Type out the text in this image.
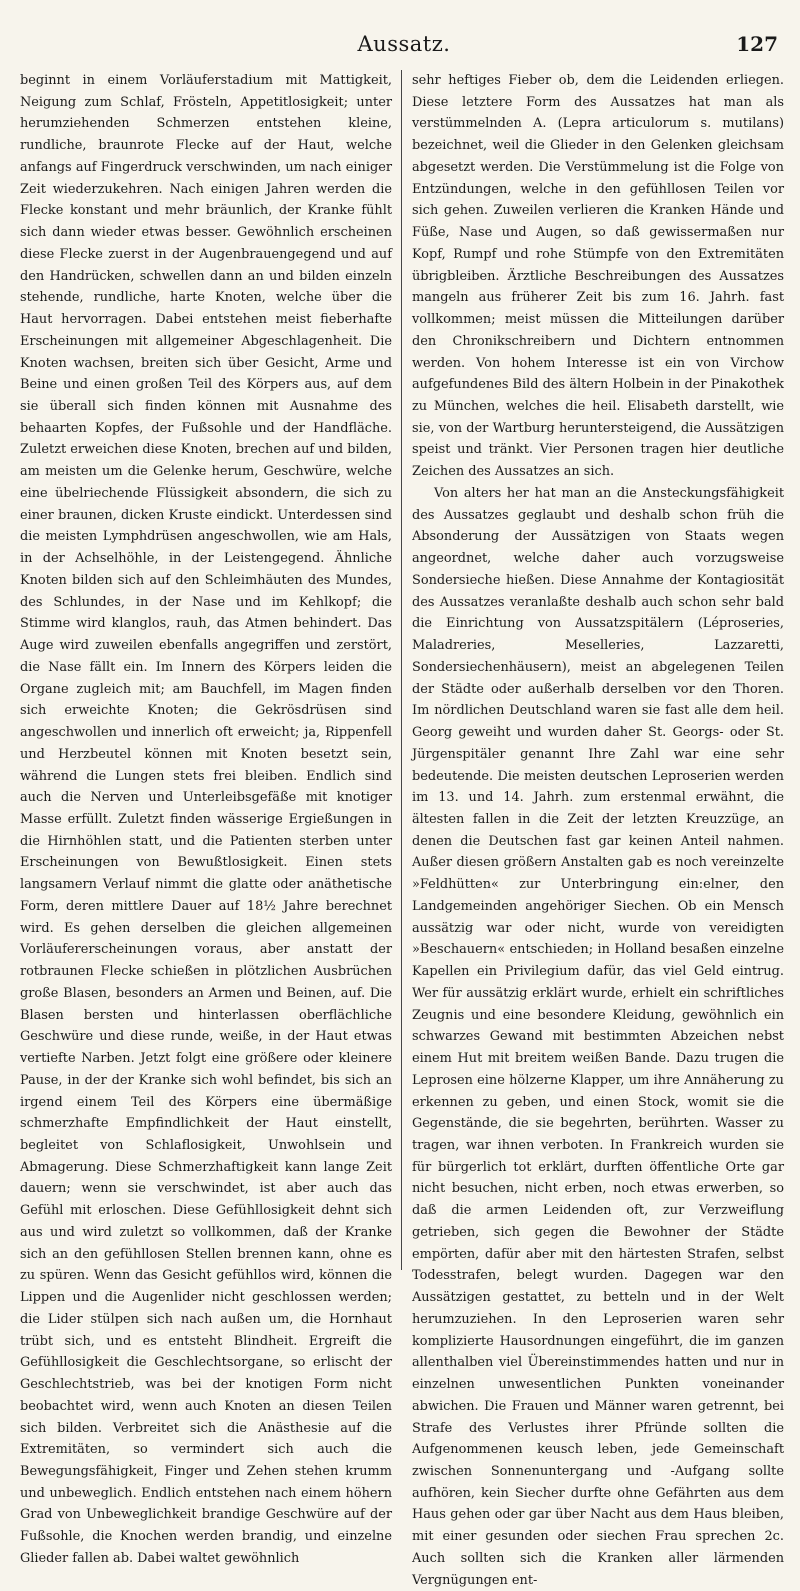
Aussatz.	127

beginnt in einem Vorläuferstadium mit Mattigkeit, Neigung zum Schlaf, Frösteln, Appetitlosigkeit; unter herumziehenden Schmerzen entstehen kleine, rundliche, braunrote Flecke auf der Haut, welche anfangs auf Fingerdruck verschwinden, um nach einiger Zeit wiederzukehren. Nach einigen Jahren werden die Flecke konstant und mehr bräunlich, der Kranke fühlt sich dann wieder etwas besser. Gewöhnlich erscheinen diese Flecke zuerst in der Augenbrauengegend und auf den Handrücken, schwellen dann an und bilden einzeln stehende, rundliche, harte Knoten, welche über die Haut hervorragen. Dabei entstehen meist fieberhafte Erscheinungen mit allgemeiner Abgeschlagenheit. Die Knoten wachsen, breiten sich über Gesicht, Arme und Beine und einen großen Teil des Körpers aus, auf dem sie überall sich finden können mit Ausnahme des behaarten Kopfes, der Fußsohle und der Handfläche. Zuletzt erweichen diese Knoten, brechen auf und bilden, am meisten um die Gelenke herum, Geschwüre, welche eine übelriechende Flüssigkeit absondern, die sich zu einer braunen, dicken Kruste eindickt. Unterdessen sind die meisten Lymphdrüsen angeschwollen, wie am Hals, in der Achselhöhle, in der Leistengegend. Ähnliche Knoten bilden sich auf den Schleimhäuten des Mundes, des Schlundes, in der Nase und im Kehlkopf; die Stimme wird klanglos, rauh, das Atmen behindert. Das Auge wird zuweilen ebenfalls angegriffen und zerstört, die Nase fällt ein. Im Innern des Körpers leiden die Organe zugleich mit; am Bauchfell, im Magen finden sich erweichte Knoten; die Gekrösdrüsen sind angeschwollen und innerlich oft erweicht; ja, Rippenfell und Herzbeutel können mit Knoten besetzt sein, während die Lungen stets frei bleiben. Endlich sind auch die Nerven und Unterleibsgefäße mit knotiger Masse erfüllt. Zuletzt finden wässerige Ergießungen in die Hirnhöhlen statt, und die Patienten sterben unter Erscheinungen von Bewußtlosigkeit. Einen stets langsamern Verlauf nimmt die glatte oder anäthetische Form, deren mittlere Dauer auf 18½ Jahre berechnet wird. Es gehen derselben die gleichen allgemeinen Vorläufererscheinungen voraus, aber anstatt der rotbraunen Flecke schießen in plötzlichen Ausbrüchen große Blasen, besonders an Armen und Beinen, auf. Die Blasen bersten und hinterlassen oberflächliche Geschwüre und diese runde, weiße, in der Haut etwas vertiefte Narben. Jetzt folgt eine größere oder kleinere Pause, in der der Kranke sich wohl befindet, bis sich an irgend einem Teil des Körpers eine übermäßige schmerzhafte Empfindlichkeit der Haut einstellt, begleitet von Schlaflosigkeit, Unwohlsein und Abmagerung. Diese Schmerzhaftigkeit kann lange Zeit dauern; wenn sie verschwindet, ist aber auch das Gefühl mit erloschen. Diese Gefühllosigkeit dehnt sich aus und wird zuletzt so vollkommen, daß der Kranke sich an den gefühllosen Stellen brennen kann, ohne es zu spüren. Wenn das Gesicht gefühllos wird, können die Lippen und die Augenlider nicht geschlossen werden; die Lider stülpen sich nach außen um, die Hornhaut trübt sich, und es entsteht Blindheit. Ergreift die Gefühllosigkeit die Geschlechtsorgane, so erlischt der Geschlechtstrieb, was bei der knotigen Form nicht beobachtet wird, wenn auch Knoten an diesen Teilen sich bilden. Verbreitet sich die Anästhesie auf die Extremitäten, so vermindert sich auch die Bewegungsfähigkeit, Finger und Zehen stehen krumm und unbeweglich. Endlich entstehen nach einem höhern Grad von Unbeweglichkeit brandige Geschwüre auf der Fußsohle, die Knochen werden brandig, und einzelne Glieder fallen ab. Dabei waltet gewöhnlich

sehr heftiges Fieber ob, dem die Leidenden erliegen. Diese letztere Form des Aussatzes hat man als verstümmelnden A. (Lepra articulorum s. mutilans) bezeichnet, weil die Glieder in den Gelenken gleichsam abgesetzt werden. Die Verstümmelung ist die Folge von Entzündungen, welche in den gefühllosen Teilen vor sich gehen. Zuweilen verlieren die Kranken Hände und Füße, Nase und Augen, so daß gewissermaßen nur Kopf, Rumpf und rohe Stümpfe von den Extremitäten übrigbleiben. Ärztliche Beschreibungen des Aussatzes mangeln aus früherer Zeit bis zum 16. Jahrh. fast vollkommen; meist müssen die Mitteilungen darüber den Chronikschreibern und Dichtern entnommen werden. Von hohem Interesse ist ein von Virchow aufgefundenes Bild des ältern Holbein in der Pinakothek zu München, welches die heil. Elisabeth darstellt, wie sie, von der Wartburg heruntersteigend, die Aussätzigen speist und tränkt. Vier Personen tragen hier deutliche Zeichen des Aussatzes an sich.

Von alters her hat man an die Ansteckungsfähigkeit des Aussatzes geglaubt und deshalb schon früh die Absonderung der Aussätzigen von Staats wegen angeordnet, welche daher auch vorzugsweise Sondersieche hießen. Diese Annahme der Kontagiosität des Aussatzes veranlaßte deshalb auch schon sehr bald die Einrichtung von Aussatzspitälern (Léproseries, Maladreries, Meselleries, Lazzaretti, Sondersiechenhäusern), meist an abgelegenen Teilen der Städte oder außerhalb derselben vor den Thoren. Im nördlichen Deutschland waren sie fast alle dem heil. Georg geweiht und wurden daher St. Georgs- oder St. Jürgenspitäler genannt Ihre Zahl war eine sehr bedeutende. Die meisten deutschen Leproserien werden im 13. und 14. Jahrh. zum erstenmal erwähnt, die ältesten fallen in die Zeit der letzten Kreuzzüge, an denen die Deutschen fast gar keinen Anteil nahmen. Außer diesen größern Anstalten gab es noch vereinzelte »Feldhütten« zur Unterbringung ein:elner, den Landgemeinden angehöriger Siechen. Ob ein Mensch aussätzig war oder nicht, wurde von vereidigten »Beschauern« entschieden; in Holland besaßen einzelne Kapellen ein Privilegium dafür, das viel Geld eintrug. Wer für aussätzig erklärt wurde, erhielt ein schriftliches Zeugnis und eine besondere Kleidung, gewöhnlich ein schwarzes Gewand mit bestimmten Abzeichen nebst einem Hut mit breitem weißen Bande. Dazu trugen die Leprosen eine hölzerne Klapper, um ihre Annäherung zu erkennen zu geben, und einen Stock, womit sie die Gegenstände, die sie begehrten, berührten. Wasser zu tragen, war ihnen verboten. In Frankreich wurden sie für bürgerlich tot erklärt, durften öffentliche Orte gar nicht besuchen, nicht erben, noch etwas erwerben, so daß die armen Leidenden oft, zur Verzweiflung getrieben, sich gegen die Bewohner der Städte empörten, dafür aber mit den härtesten Strafen, selbst Todesstrafen, belegt wurden. Dagegen war den Aussätzigen gestattet, zu betteln und in der Welt herumzuziehen. In den Leproserien waren sehr komplizierte Hausordnungen eingeführt, die im ganzen allenthalben viel Übereinstimmendes hatten und nur in einzelnen unwesentlichen Punkten voneinander abwichen. Die Frauen und Männer waren getrennt, bei Strafe des Verlustes ihrer Pfründe sollten die Aufgenommenen keusch leben, jede Gemeinschaft zwischen Sonnenuntergang und -Aufgang sollte aufhören, kein Siecher durfte ohne Gefährten aus dem Haus gehen oder gar über Nacht aus dem Haus bleiben, mit einer gesunden oder siechen Frau sprechen 2c. Auch sollten sich die Kranken aller lärmenden Vergnügungen ent-
